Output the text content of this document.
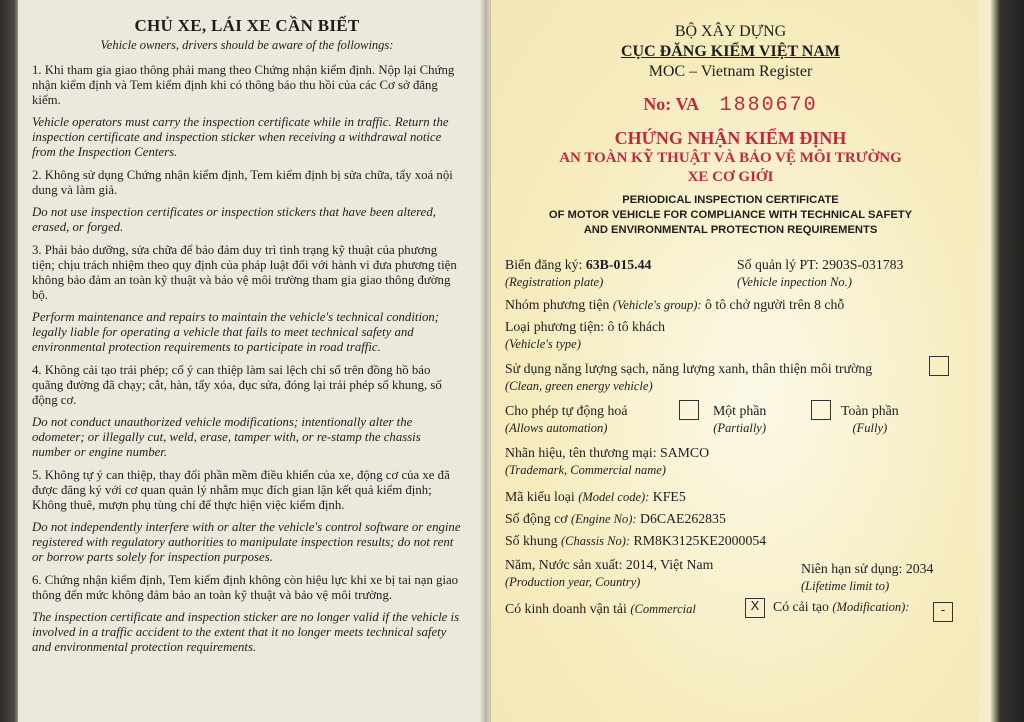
CHỦ XE, LÁI XE CẦN BIẾT
Vehicle owners, drivers should be aware of the followings:

1. Khi tham gia giao thông phải mang theo Chứng nhận kiểm định. Nộp lại Chứng nhận kiểm định và Tem kiểm định khi có thông báo thu hồi của các Cơ sở đăng kiểm.

Vehicle operators must carry the inspection certificate while in traffic. Return the inspection certificate and inspection sticker when receiving a withdrawal notice from the Inspection Centers.

2. Không sử dụng Chứng nhận kiểm định, Tem kiểm định bị sửa chữa, tẩy xoá nội dung và làm giả.

Do not use inspection certificates or inspection stickers that have been altered, erased, or forged.

3. Phải bảo dưỡng, sửa chữa để bảo đảm duy trì tình trạng kỹ thuật của phương tiện; chịu trách nhiệm theo quy định của pháp luật đối với hành vi đưa phương tiện không bảo đảm an toàn kỹ thuật và bảo vệ môi trường tham gia giao thông đường bộ.

Perform maintenance and repairs to maintain the vehicle's technical condition; legally liable for operating a vehicle that fails to meet technical safety and environmental protection requirements to participate in road traffic.

4. Không cải tạo trái phép; cố ý can thiệp làm sai lệch chỉ số trên đồng hồ báo quãng đường đã chạy; cắt, hàn, tẩy xóa, đục sửa, đóng lại trái phép số khung, số động cơ.

Do not conduct unauthorized vehicle modifications; intentionally alter the odometer; or illegally cut, weld, erase, tamper with, or re-stamp the chassis number or engine number.

5. Không tự ý can thiệp, thay đổi phần mềm điều khiển của xe, động cơ của xe đã được đăng ký với cơ quan quản lý nhằm mục đích gian lận kết quả kiểm định; Không thuê, mượn phụ tùng chỉ để thực hiện việc kiểm định.

Do not independently interfere with or alter the vehicle's control software or engine registered with regulatory authorities to manipulate inspection results; do not rent or borrow parts solely for inspection purposes.

6. Chứng nhận kiểm định, Tem kiểm định không còn hiệu lực khi xe bị tai nạn giao thông đến mức không đảm bảo an toàn kỹ thuật và bảo vệ môi trường.

The inspection certificate and inspection sticker are no longer valid if the vehicle is involved in a traffic accident to the extent that it no longer meets technical safety and environmental protection requirements.

BỘ XÂY DỰNG
CỤC ĐĂNG KIỂM VIỆT NAM
MOC – Vietnam Register
No: VA 1880670
CHỨNG NHẬN KIỂM ĐỊNH
AN TOÀN KỸ THUẬT VÀ BẢO VỆ MÔI TRƯỜNG
XE CƠ GIỚI
PERIODICAL INSPECTION CERTIFICATE
OF MOTOR VEHICLE FOR COMPLIANCE WITH TECHNICAL SAFETY
AND ENVIRONMENTAL PROTECTION REQUIREMENTS
Biển đăng ký: 63B-015.44
(Registration plate)
Số quản lý PT: 2903S-031783
(Vehicle inpection No.)
Nhóm phương tiện (Vehicle's group): ô tô chở người trên 8 chỗ
Loại phương tiện: ô tô khách
(Vehicle's type)
Sử dụng năng lượng sạch, năng lượng xanh, thân thiện môi trường
(Clean, green energy vehicle)
Cho phép tự động hoá
(Allows automation)
Một phần
(Partially)
Toàn phần
(Fully)
Nhãn hiệu, tên thương mại: SAMCO
(Trademark, Commercial name)
Mã kiểu loại (Model code): KFE5
Số động cơ (Engine No): D6CAE262835
Số khung (Chassis No): RM8K3125KE2000054
Năm, Nước sản xuất: 2014, Việt Nam
(Production year, Country)
Niên hạn sử dụng: 2034
(Lifetime limit to)
Có kinh doanh vận tải (Commercial	X Có cải tạo (Modification):	-
